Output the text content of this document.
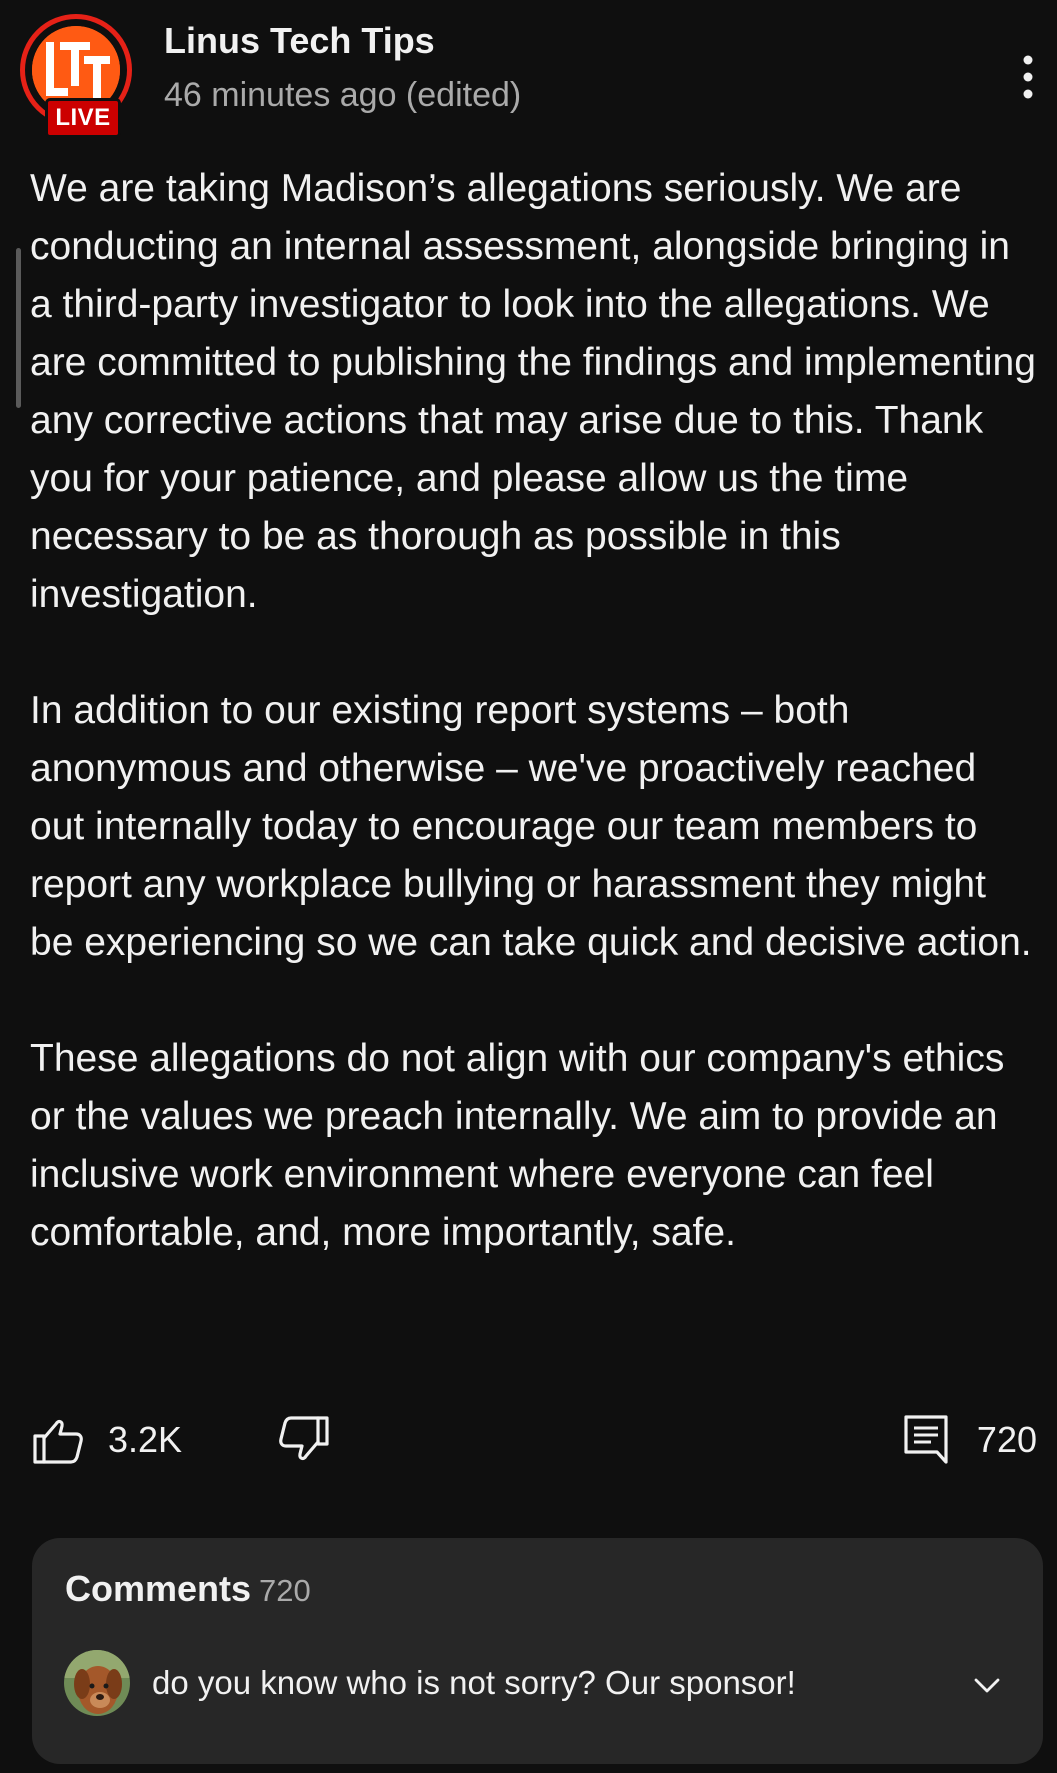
LIVE
Linus Tech Tips
46 minutes ago (edited)

We are taking Madison’s allegations seriously. We are conducting an internal assessment, alongside bringing in a third-party investigator to look into the allegations. We are committed to publishing the findings and implementing any corrective actions that may arise due to this. Thank you for your patience, and please allow us the time necessary to be as thorough as possible in this investigation.

In addition to our existing report systems – both anonymous and otherwise – we've proactively reached out internally today to encourage our team members to report any workplace bullying or harassment they might be experiencing so we can take quick and decisive action.

These allegations do not align with our company's ethics or the values we preach internally. We aim to provide an inclusive work environment where everyone can feel comfortable, and, more importantly, safe.

3.2K	720
Comments 720
do you know who is not sorry? Our sponsor!
